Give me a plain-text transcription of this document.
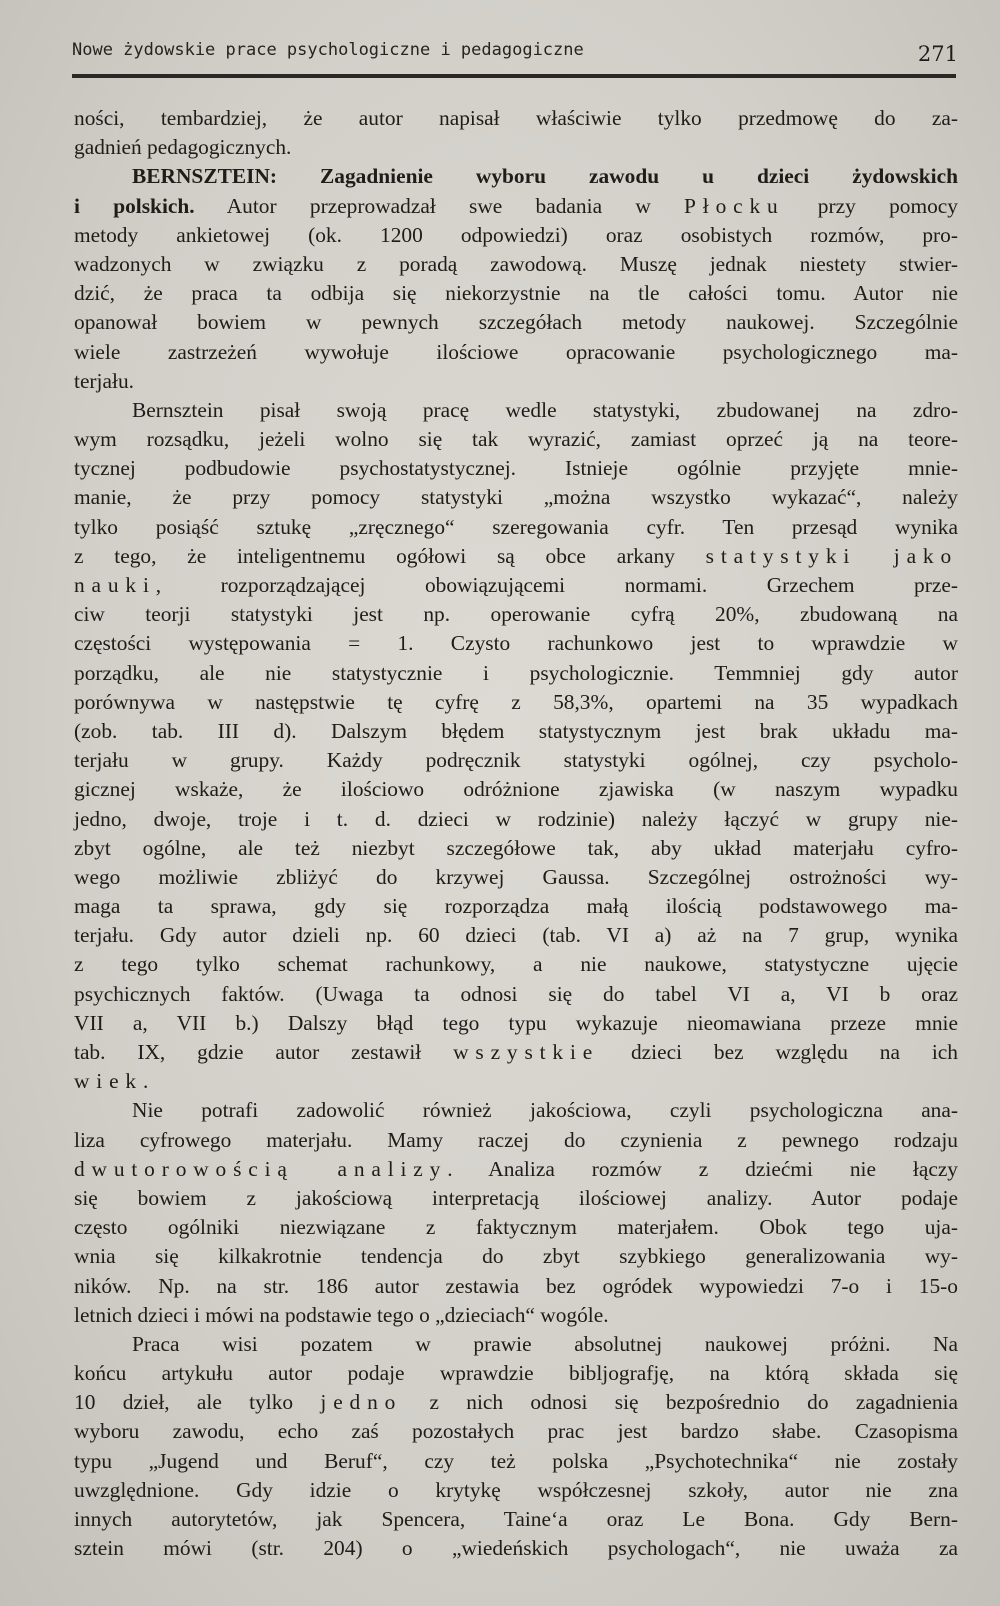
Nowe żydowskie prace psychologiczne i pedagogiczne	271
ności, tembardziej, że autor napisał właściwie tylko przedmowę do za-
gadnień pedagogicznych.
BERNSZTEIN: Zagadnienie wyboru zawodu u dzieci żydowskich
i polskich. Autor przeprowadzał swe badania w Płocku przy pomocy
metody ankietowej (ok. 1200 odpowiedzi) oraz osobistych rozmów, pro-
wadzonych w związku z poradą zawodową. Muszę jednak niestety stwier-
dzić, że praca ta odbija się niekorzystnie na tle całości tomu. Autor nie
opanował bowiem w pewnych szczegółach metody naukowej. Szczególnie
wiele zastrzeżeń wywołuje ilościowe opracowanie psychologicznego ma-
terjału.
Bernsztein pisał swoją pracę wedle statystyki, zbudowanej na zdro-
wym rozsądku, jeżeli wolno się tak wyrazić, zamiast oprzeć ją na teore-
tycznej podbudowie psychostatystycznej. Istnieje ogólnie przyjęte mnie-
manie, że przy pomocy statystyki „można wszystko wykazać“, należy
tylko posiąść sztukę „zręcznego“ szeregowania cyfr. Ten przesąd wynika
z tego, że inteligentnemu ogółowi są obce arkany statystyki jako
nauki, rozporządzającej obowiązującemi normami. Grzechem prze-
ciw teorji statystyki jest np. operowanie cyfrą 20%, zbudowaną na
częstości występowania = 1. Czysto rachunkowo jest to wprawdzie w
porządku, ale nie statystycznie i psychologicznie. Temmniej gdy autor
porównywa w następstwie tę cyfrę z 58,3%, opartemi na 35 wypadkach
(zob. tab. III d). Dalszym błędem statystycznym jest brak układu ma-
terjału w grupy. Każdy podręcznik statystyki ogólnej, czy psycholo-
gicznej wskaże, że ilościowo odróżnione zjawiska (w naszym wypadku
jedno, dwoje, troje i t. d. dzieci w rodzinie) należy łączyć w grupy nie-
zbyt ogólne, ale też niezbyt szczegółowe tak, aby układ materjału cyfro-
wego możliwie zbliżyć do krzywej Gaussa. Szczególnej ostrożności wy-
maga ta sprawa, gdy się rozporządza małą ilością podstawowego ma-
terjału. Gdy autor dzieli np. 60 dzieci (tab. VI a) aż na 7 grup, wynika
z tego tylko schemat rachunkowy, a nie naukowe, statystyczne ujęcie
psychicznych faktów. (Uwaga ta odnosi się do tabel VI a, VI b oraz
VII a, VII b.) Dalszy błąd tego typu wykazuje nieomawiana przeze mnie
tab. IX, gdzie autor zestawił wszystkie dzieci bez względu na ich
wiek.
Nie potrafi zadowolić również jakościowa, czyli psychologiczna ana-
liza cyfrowego materjału. Mamy raczej do czynienia z pewnego rodzaju
dwutorowością analizy. Analiza rozmów z dziećmi nie łączy
się bowiem z jakościową interpretacją ilościowej analizy. Autor podaje
często ogólniki niezwiązane z faktycznym materjałem. Obok tego uja-
wnia się kilkakrotnie tendencja do zbyt szybkiego generalizowania wy-
ników. Np. na str. 186 autor zestawia bez ogródek wypowiedzi 7-o i 15-o
letnich dzieci i mówi na podstawie tego o „dzieciach“ wogóle.
Praca wisi pozatem w prawie absolutnej naukowej próżni. Na
końcu artykułu autor podaje wprawdzie bibljografję, na którą składa się
10 dzieł, ale tylko jedno z nich odnosi się bezpośrednio do zagadnienia
wyboru zawodu, echo zaś pozostałych prac jest bardzo słabe. Czasopisma
typu „Jugend und Beruf“, czy też polska „Psychotechnika“ nie zostały
uwzględnione. Gdy idzie o krytykę współczesnej szkoły, autor nie zna
innych autorytetów, jak Spencera, Taine‘a oraz Le Bona. Gdy Bern-
sztein mówi (str. 204) o „wiedeńskich psychologach“, nie uważa za
